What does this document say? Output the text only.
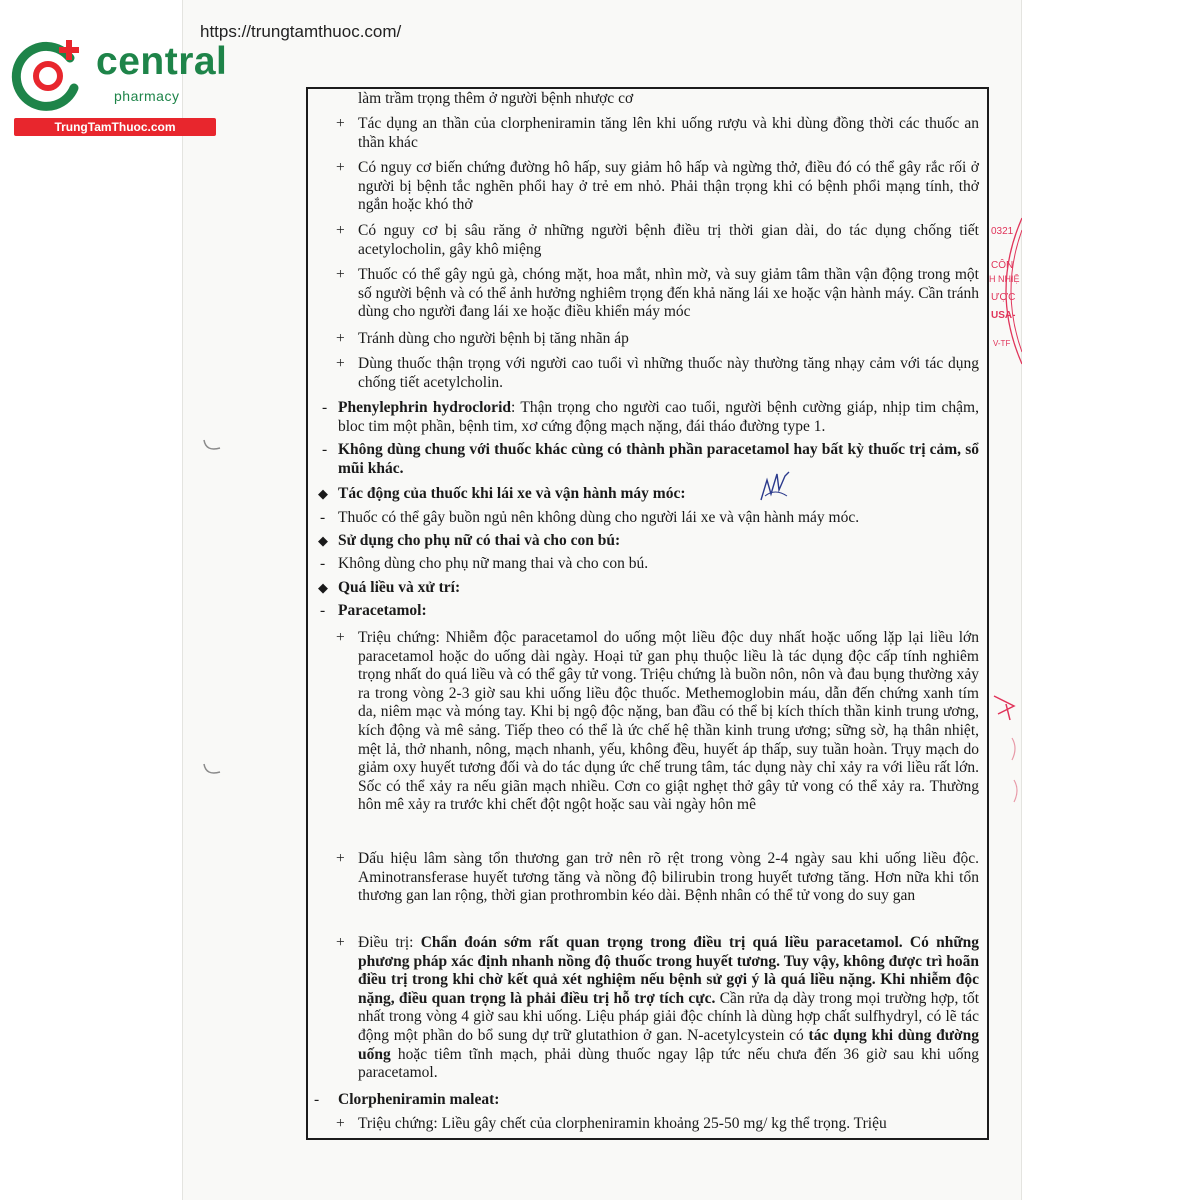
https://trungtamthuoc.com/
central
pharmacy
TrungTamThuoc.com
0321
CÔN
H NHIỆ
ƯỢC
USA-
V-TF
làm trầm trọng thêm ở người bệnh nhược cơ
+ Tác dụng an thần của clorpheniramin tăng lên khi uống rượu và khi dùng đồng thời các thuốc an thần khác
+ Có nguy cơ biến chứng đường hô hấp, suy giảm hô hấp và ngừng thở, điều đó có thể gây rắc rối ở người bị bệnh tắc nghẽn phổi hay ở trẻ em nhỏ. Phải thận trọng khi có bệnh phổi mạng tính, thở ngắn hoặc khó thở
+ Có nguy cơ bị sâu răng ở những người bệnh điều trị thời gian dài, do tác dụng chống tiết acetylocholin, gây khô miệng
+ Thuốc có thể gây ngủ gà, chóng mặt, hoa mắt, nhìn mờ, và suy giảm tâm thần vận động trong một số người bệnh và có thể ảnh hưởng nghiêm trọng đến khả năng lái xe hoặc vận hành máy. Cần tránh dùng cho người đang lái xe hoặc điều khiển máy móc
+ Tránh dùng cho người bệnh bị tăng nhãn áp
+ Dùng thuốc thận trọng với người cao tuổi vì những thuốc này thường tăng nhạy cảm với tác dụng chống tiết acetylcholin.
- Phenylephrin hydroclorid: Thận trọng cho người cao tuổi, người bệnh cường giáp, nhịp tim chậm, bloc tim một phần, bệnh tim, xơ cứng động mạch nặng, đái tháo đường type 1.
- Không dùng chung với thuốc khác cùng có thành phần paracetamol hay bất kỳ thuốc trị cảm, sổ mũi khác.
◆ Tác động của thuốc khi lái xe và vận hành máy móc:
- Thuốc có thể gây buồn ngủ nên không dùng cho người lái xe và vận hành máy móc.
◆ Sử dụng cho phụ nữ có thai và cho con bú:
- Không dùng cho phụ nữ mang thai và cho con bú.
◆ Quá liều và xử trí:
- Paracetamol:
+ Triệu chứng: Nhiễm độc paracetamol do uống một liều độc duy nhất hoặc uống lặp lại liều lớn paracetamol hoặc do uống dài ngày. Hoại tử gan phụ thuộc liều là tác dụng độc cấp tính nghiêm trọng nhất do quá liều và có thể gây tử vong. Triệu chứng là buồn nôn, nôn và đau bụng thường xảy ra trong vòng 2-3 giờ sau khi uống liều độc thuốc. Methemoglobin máu, dẫn đến chứng xanh tím da, niêm mạc và móng tay. Khi bị ngộ độc nặng, ban đầu có thể bị kích thích thần kinh trung ương, kích động và mê sảng. Tiếp theo có thể là ức chế hệ thần kinh trung ương; sững sờ, hạ thân nhiệt, mệt lả, thở nhanh, nông, mạch nhanh, yếu, không đều, huyết áp thấp, suy tuần hoàn. Trụy mạch do giảm oxy huyết tương đối và do tác dụng ức chế trung tâm, tác dụng này chỉ xảy ra với liều rất lớn. Sốc có thể xảy ra nếu giãn mạch nhiều. Cơn co giật nghẹt thở gây tử vong có thể xảy ra. Thường hôn mê xảy ra trước khi chết đột ngột hoặc sau vài ngày hôn mê
+ Dấu hiệu lâm sàng tổn thương gan trở nên rõ rệt trong vòng 2-4 ngày sau khi uống liều độc. Aminotransferase huyết tương tăng và nồng độ bilirubin trong huyết tương tăng. Hơn nữa khi tổn thương gan lan rộng, thời gian prothrombin kéo dài. Bệnh nhân có thể tử vong do suy gan
+ Điều trị: Chẩn đoán sớm rất quan trọng trong điều trị quá liều paracetamol. Có những phương pháp xác định nhanh nồng độ thuốc trong huyết tương. Tuy vậy, không được trì hoãn điều trị trong khi chờ kết quả xét nghiệm nếu bệnh sử gợi ý là quá liều nặng. Khi nhiễm độc nặng, điều quan trọng là phải điều trị hỗ trợ tích cực. Cần rửa dạ dày trong mọi trường hợp, tốt nhất trong vòng 4 giờ sau khi uống. Liệu pháp giải độc chính là dùng hợp chất sulfhydryl, có lẽ tác động một phần do bổ sung dự trữ glutathion ở gan. N-acetylcystein có tác dụng khi dùng đường uống hoặc tiêm tĩnh mạch, phải dùng thuốc ngay lập tức nếu chưa đến 36 giờ sau khi uống paracetamol.
- Clorpheniramin maleat:
+ Triệu chứng: Liều gây chết của clorpheniramin khoảng 25-50 mg/ kg thể trọng. Triệu
